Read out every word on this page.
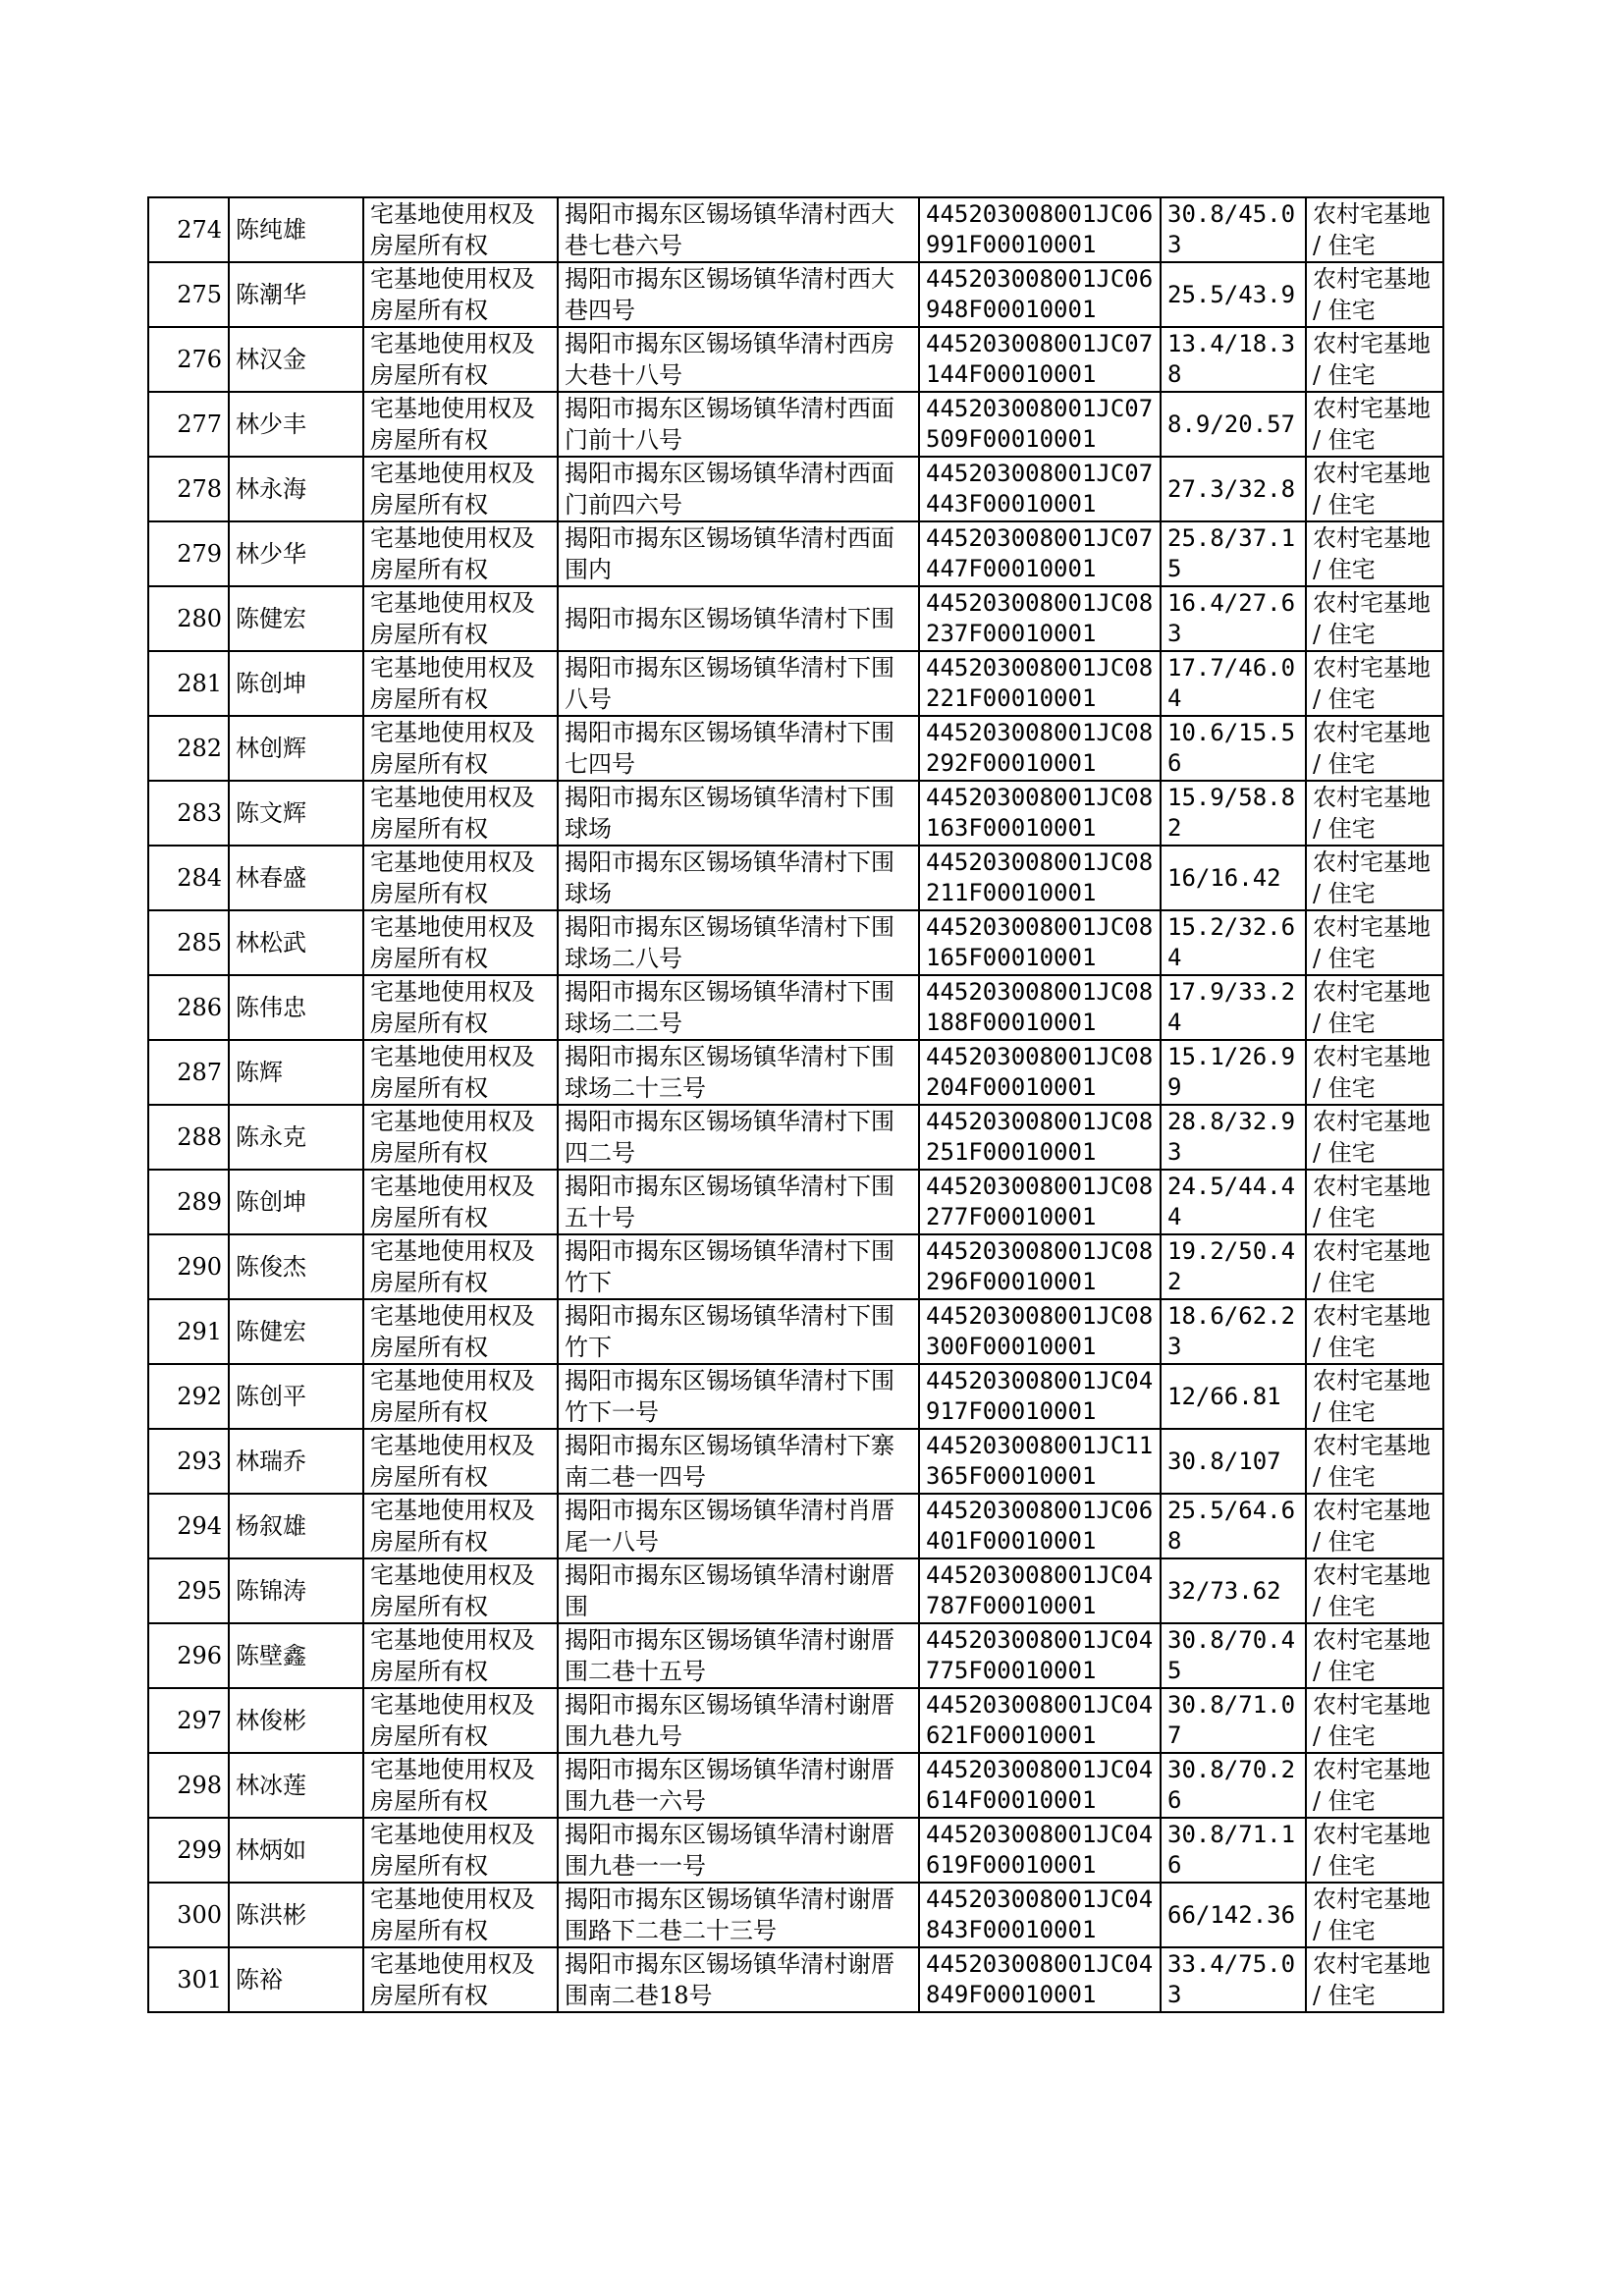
274	陈纯雄	宅基地使用权及房屋所有权	揭阳市揭东区锡场镇华清村西大巷七巷六号	445203008001JC06991F00010001	30.8/45.03	农村宅基地 / 住宅
275	陈潮华	宅基地使用权及房屋所有权	揭阳市揭东区锡场镇华清村西大巷四号	445203008001JC06948F00010001	25.5/43.9	农村宅基地 / 住宅
276	林汉金	宅基地使用权及房屋所有权	揭阳市揭东区锡场镇华清村西房大巷十八号	445203008001JC07144F00010001	13.4/18.38	农村宅基地 / 住宅
277	林少丰	宅基地使用权及房屋所有权	揭阳市揭东区锡场镇华清村西面门前十八号	445203008001JC07509F00010001	8.9/20.57	农村宅基地 / 住宅
278	林永海	宅基地使用权及房屋所有权	揭阳市揭东区锡场镇华清村西面门前四六号	445203008001JC07443F00010001	27.3/32.8	农村宅基地 / 住宅
279	林少华	宅基地使用权及房屋所有权	揭阳市揭东区锡场镇华清村西面围内	445203008001JC07447F00010001	25.8/37.15	农村宅基地 / 住宅
280	陈健宏	宅基地使用权及房屋所有权	揭阳市揭东区锡场镇华清村下围	445203008001JC08237F00010001	16.4/27.63	农村宅基地 / 住宅
281	陈创坤	宅基地使用权及房屋所有权	揭阳市揭东区锡场镇华清村下围八号	445203008001JC08221F00010001	17.7/46.04	农村宅基地 / 住宅
282	林创辉	宅基地使用权及房屋所有权	揭阳市揭东区锡场镇华清村下围七四号	445203008001JC08292F00010001	10.6/15.56	农村宅基地 / 住宅
283	陈文辉	宅基地使用权及房屋所有权	揭阳市揭东区锡场镇华清村下围球场	445203008001JC08163F00010001	15.9/58.82	农村宅基地 / 住宅
284	林春盛	宅基地使用权及房屋所有权	揭阳市揭东区锡场镇华清村下围球场	445203008001JC08211F00010001	16/16.42	农村宅基地 / 住宅
285	林松武	宅基地使用权及房屋所有权	揭阳市揭东区锡场镇华清村下围球场二八号	445203008001JC08165F00010001	15.2/32.64	农村宅基地 / 住宅
286	陈伟忠	宅基地使用权及房屋所有权	揭阳市揭东区锡场镇华清村下围球场二二号	445203008001JC08188F00010001	17.9/33.24	农村宅基地 / 住宅
287	陈辉	宅基地使用权及房屋所有权	揭阳市揭东区锡场镇华清村下围球场二十三号	445203008001JC08204F00010001	15.1/26.99	农村宅基地 / 住宅
288	陈永克	宅基地使用权及房屋所有权	揭阳市揭东区锡场镇华清村下围四二号	445203008001JC08251F00010001	28.8/32.93	农村宅基地 / 住宅
289	陈创坤	宅基地使用权及房屋所有权	揭阳市揭东区锡场镇华清村下围五十号	445203008001JC08277F00010001	24.5/44.44	农村宅基地 / 住宅
290	陈俊杰	宅基地使用权及房屋所有权	揭阳市揭东区锡场镇华清村下围竹下	445203008001JC08296F00010001	19.2/50.42	农村宅基地 / 住宅
291	陈健宏	宅基地使用权及房屋所有权	揭阳市揭东区锡场镇华清村下围竹下	445203008001JC08300F00010001	18.6/62.23	农村宅基地 / 住宅
292	陈创平	宅基地使用权及房屋所有权	揭阳市揭东区锡场镇华清村下围竹下一号	445203008001JC04917F00010001	12/66.81	农村宅基地 / 住宅
293	林瑞乔	宅基地使用权及房屋所有权	揭阳市揭东区锡场镇华清村下寨南二巷一四号	445203008001JC11365F00010001	30.8/107	农村宅基地 / 住宅
294	杨叙雄	宅基地使用权及房屋所有权	揭阳市揭东区锡场镇华清村肖厝尾一八号	445203008001JC06401F00010001	25.5/64.68	农村宅基地 / 住宅
295	陈锦涛	宅基地使用权及房屋所有权	揭阳市揭东区锡场镇华清村谢厝围	445203008001JC04787F00010001	32/73.62	农村宅基地 / 住宅
296	陈壁鑫	宅基地使用权及房屋所有权	揭阳市揭东区锡场镇华清村谢厝围二巷十五号	445203008001JC04775F00010001	30.8/70.45	农村宅基地 / 住宅
297	林俊彬	宅基地使用权及房屋所有权	揭阳市揭东区锡场镇华清村谢厝围九巷九号	445203008001JC04621F00010001	30.8/71.07	农村宅基地 / 住宅
298	林冰莲	宅基地使用权及房屋所有权	揭阳市揭东区锡场镇华清村谢厝围九巷一六号	445203008001JC04614F00010001	30.8/70.26	农村宅基地 / 住宅
299	林炳如	宅基地使用权及房屋所有权	揭阳市揭东区锡场镇华清村谢厝围九巷一一号	445203008001JC04619F00010001	30.8/71.16	农村宅基地 / 住宅
300	陈洪彬	宅基地使用权及房屋所有权	揭阳市揭东区锡场镇华清村谢厝围路下二巷二十三号	445203008001JC04843F00010001	66/142.36	农村宅基地 / 住宅
301	陈裕	宅基地使用权及房屋所有权	揭阳市揭东区锡场镇华清村谢厝围南二巷18号	445203008001JC04849F00010001	33.4/75.03	农村宅基地 / 住宅
